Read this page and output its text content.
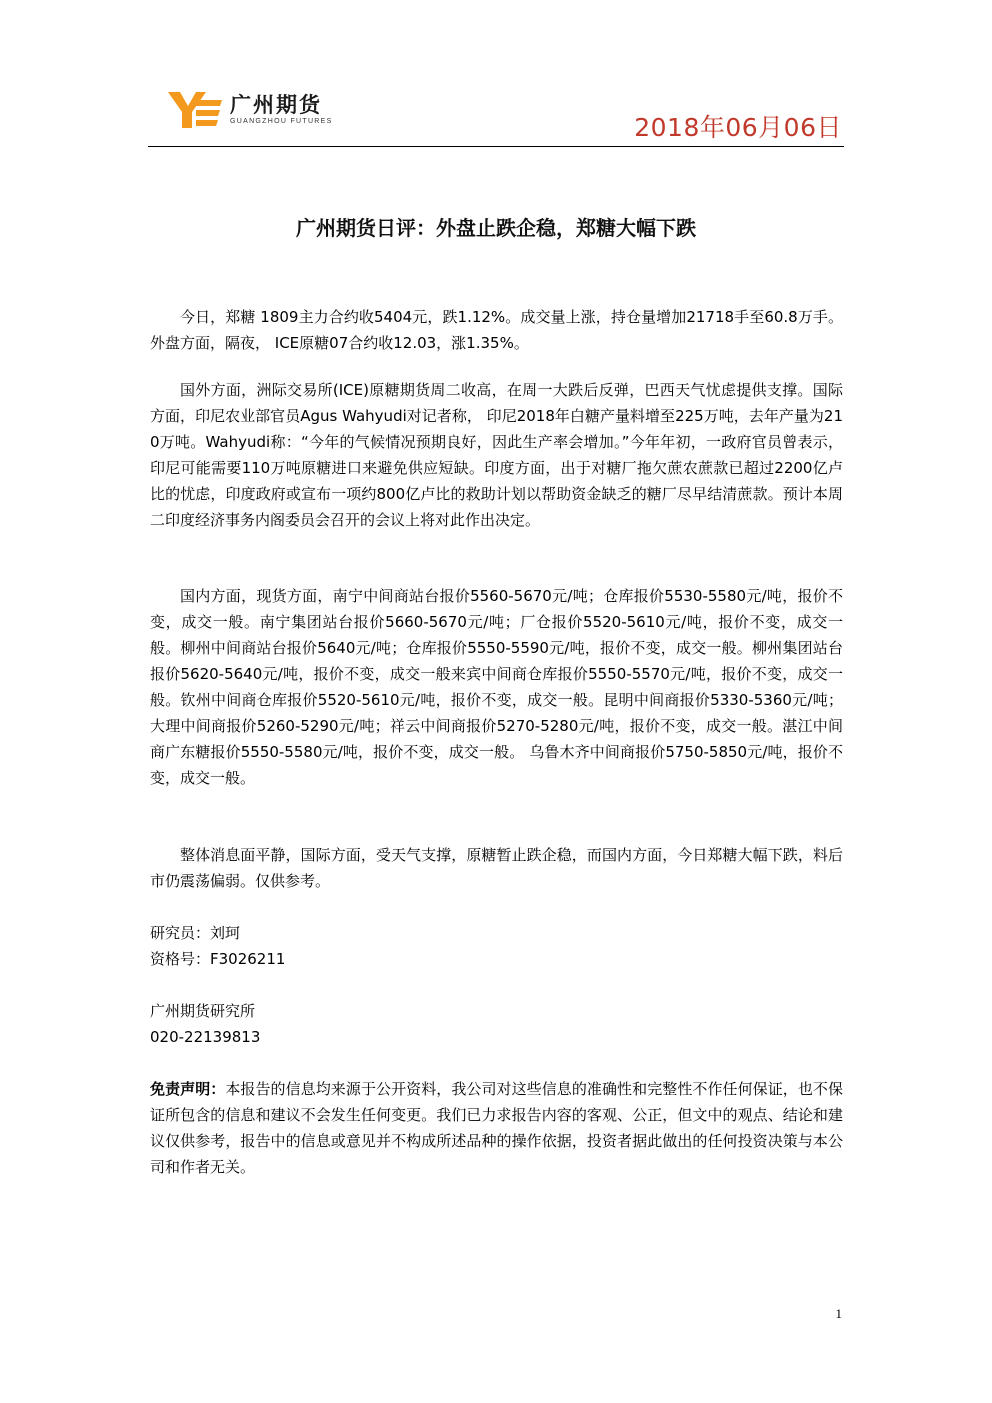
广州期货
GUANGZHOU FUTURES	2018年06月06日
广州期货日评：外盘止跌企稳，郑糖大幅下跌

今日，郑糖 1809主力合约收5404元，跌1.12%。成交量上涨，持仓量增加21718手至60.8万手。外盘方面，隔夜， ICE原糖07合约收12.03，涨1.35%。

国外方面，洲际交易所(ICE)原糖期货周二收高，在周一大跌后反弹，巴西天气忧虑提供支撑。国际方面，印尼农业部官员Agus Wahyudi对记者称， 印尼2018年白糖产量料增至225万吨，去年产量为210万吨。Wahyudi称：“今年的气候情况预期良好，因此生产率会增加。”今年年初，一政府官员曾表示，印尼可能需要110万吨原糖进口来避免供应短缺。印度方面，出于对糖厂拖欠蔗农蔗款已超过2200亿卢比的忧虑，印度政府或宣布一项约800亿卢比的救助计划以帮助资金缺乏的糖厂尽早结清蔗款。预计本周二印度经济事务内阁委员会召开的会议上将对此作出决定。

国内方面，现货方面，南宁中间商站台报价5560-5670元/吨；仓库报价5530-5580元/吨，报价不变，成交一般。南宁集团站台报价5660-5670元/吨；厂仓报价5520-5610元/吨，报价不变，成交一般。柳州中间商站台报价5640元/吨；仓库报价5550-5590元/吨，报价不变，成交一般。柳州集团站台报价5620-5640元/吨，报价不变，成交一般来宾中间商仓库报价5550-5570元/吨，报价不变，成交一般。钦州中间商仓库报价5520-5610元/吨，报价不变，成交一般。昆明中间商报价5330-5360元/吨；大理中间商报价5260-5290元/吨；祥云中间商报价5270-5280元/吨，报价不变，成交一般。湛江中间商广东糖报价5550-5580元/吨，报价不变，成交一般。 乌鲁木齐中间商报价5750-5850元/吨，报价不变，成交一般。

整体消息面平静，国际方面，受天气支撑，原糖暂止跌企稳，而国内方面，今日郑糖大幅下跌，料后市仍震荡偏弱。仅供参考。

研究员：刘珂
资格号：F3026211
广州期货研究所
020-22139813
免责声明：本报告的信息均来源于公开资料，我公司对这些信息的准确性和完整性不作任何保证，也不保证所包含的信息和建议不会发生任何变更。我们已力求报告内容的客观、公正，但文中的观点、结论和建议仅供参考，报告中的信息或意见并不构成所述品种的操作依据，投资者据此做出的任何投资决策与本公司和作者无关。
1
